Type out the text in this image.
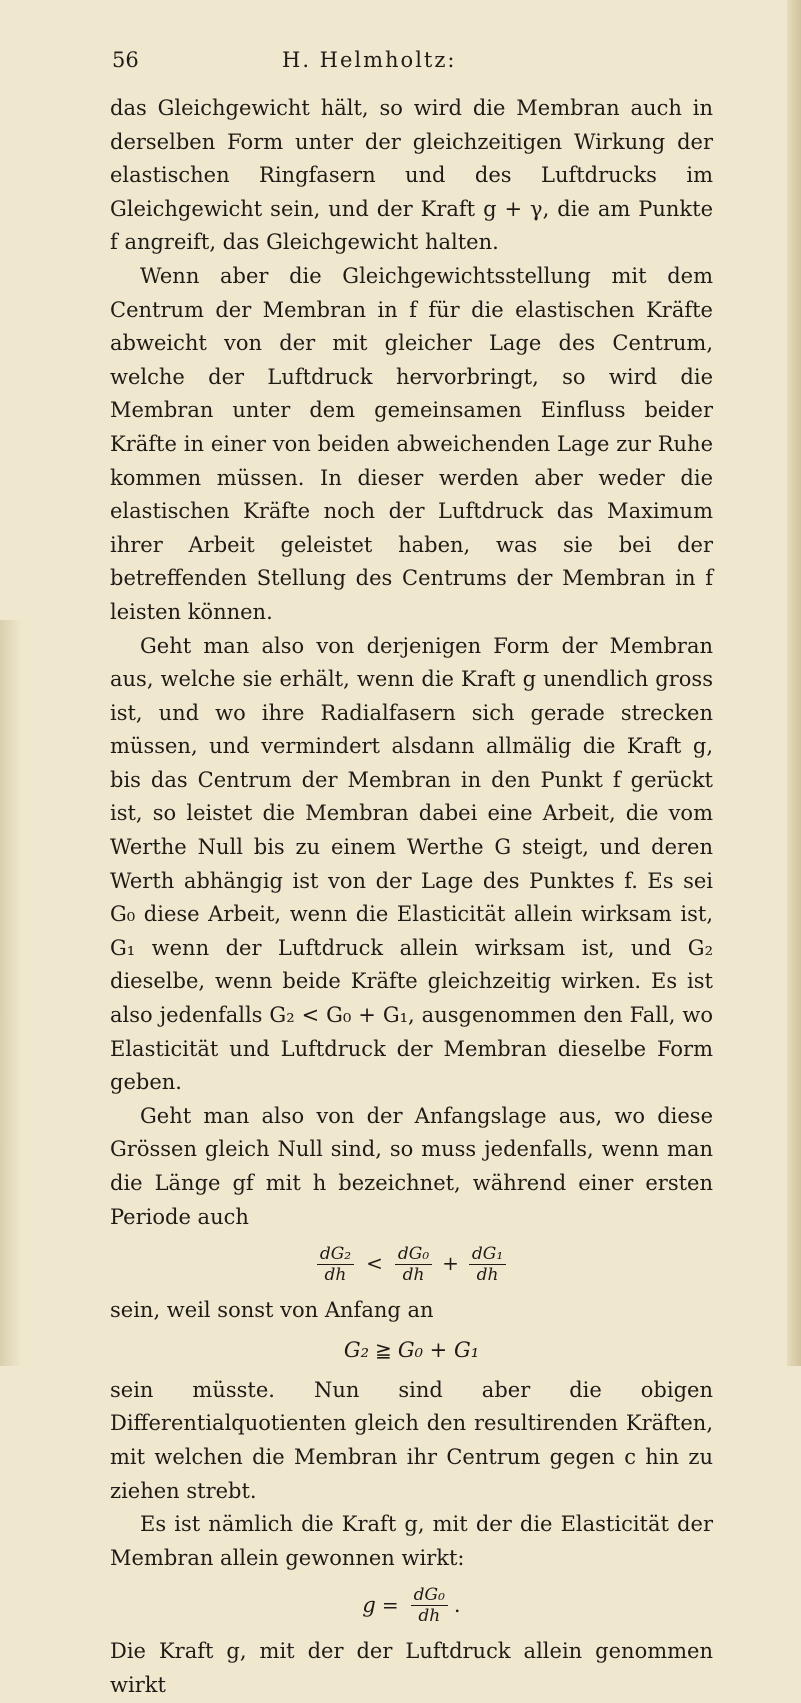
56	H. Helmholtz:

das Gleichgewicht hält, so wird die Membran auch in derselben Form unter der gleichzeitigen Wirkung der elastischen Ringfasern und des Luftdrucks im Gleichgewicht sein, und der Kraft g + γ, die am Punkte f angreift, das Gleichgewicht halten.

Wenn aber die Gleichgewichtsstellung mit dem Centrum der Membran in f für die elastischen Kräfte abweicht von der mit gleicher Lage des Centrum, welche der Luftdruck hervorbringt, so wird die Membran unter dem gemeinsamen Einfluss beider Kräfte in einer von beiden abweichenden Lage zur Ruhe kommen müssen. In dieser werden aber weder die elastischen Kräfte noch der Luftdruck das Maximum ihrer Arbeit geleistet haben, was sie bei der betreffenden Stellung des Centrums der Membran in f leisten können.

Geht man also von derjenigen Form der Membran aus, welche sie erhält, wenn die Kraft g unendlich gross ist, und wo ihre Radialfasern sich gerade strecken müssen, und vermindert alsdann allmälig die Kraft g, bis das Centrum der Membran in den Punkt f gerückt ist, so leistet die Membran dabei eine Arbeit, die vom Werthe Null bis zu einem Werthe G steigt, und deren Werth abhängig ist von der Lage des Punktes f. Es sei G₀ diese Arbeit, wenn die Elasticität allein wirksam ist, G₁ wenn der Luftdruck allein wirksam ist, und G₂ dieselbe, wenn beide Kräfte gleichzeitig wirken. Es ist also jedenfalls G₂ < G₀ + G₁, ausgenommen den Fall, wo Elasticität und Luftdruck der Membran dieselbe Form geben.

Geht man also von der Anfangslage aus, wo diese Grössen gleich Null sind, so muss jedenfalls, wenn man die Länge gf mit h bezeichnet, während einer ersten Periode auch

$\frac{\text{dG₂}}{dh} < \frac{\text{dG₀}}{dh} + \frac{\text{dG₁}}{dh}$

sein, weil sonst von Anfang an

G₂ ≧ G₀ + G₁

sein müsste. Nun sind aber die obigen Differentialquotienten gleich den resultirenden Kräften, mit welchen die Membran ihr Centrum gegen c hin zu ziehen strebt.

Es ist nämlich die Kraft g, mit der die Elasticität der Membran allein gewonnen wirkt:

$g = \frac{\text{dG₀}}{dh}$ .

Die Kraft g, mit der der Luftdruck allein genommen wirkt
